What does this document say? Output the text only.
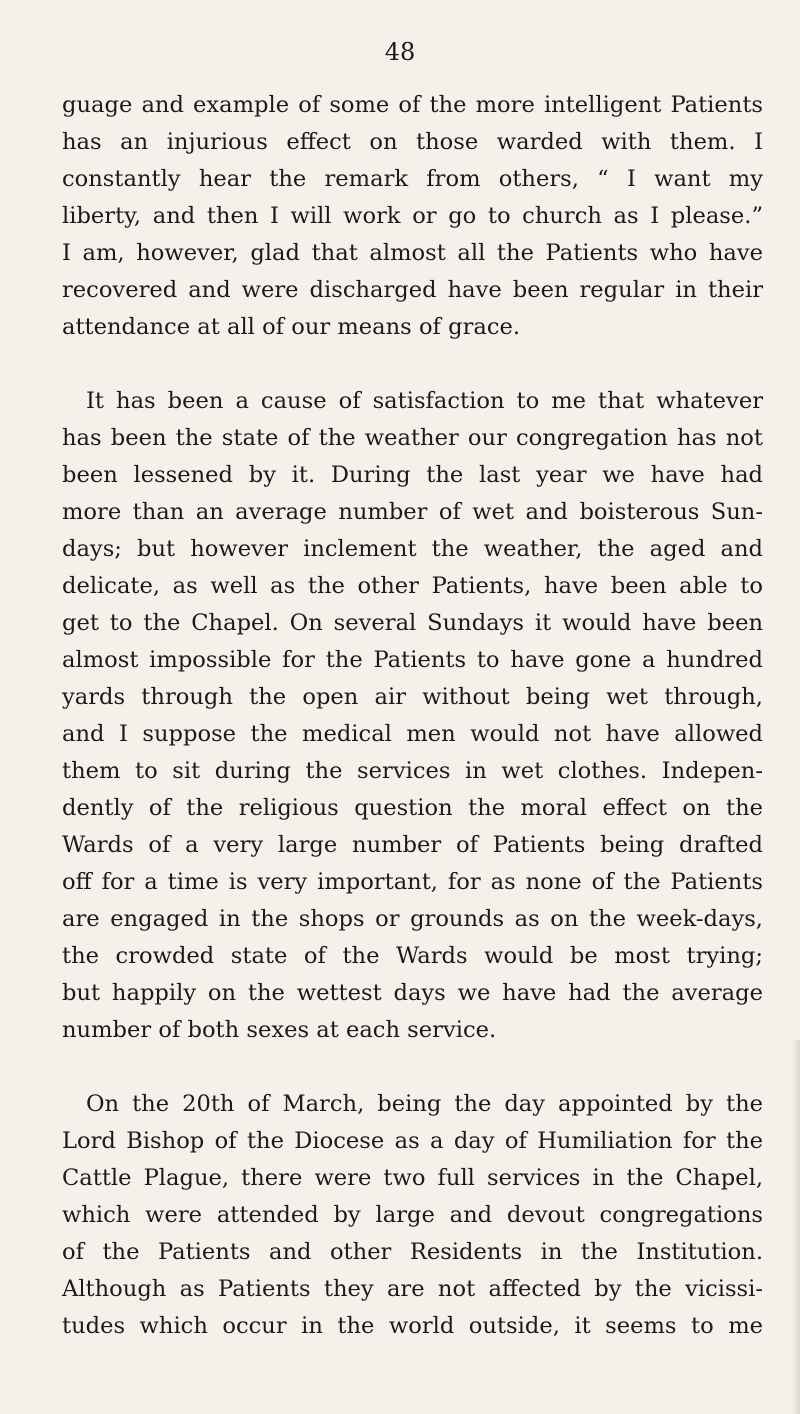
48
guage and example of some of the more intelligent Patients
has an injurious effect on those warded with them. I
constantly hear the remark from others, “ I want my
liberty, and then I will work or go to church as I please.”
I am, however, glad that almost all the Patients who have
recovered and were discharged have been regular in their
attendance at all of our means of grace.
It has been a cause of satisfaction to me that whatever
has been the state of the weather our congregation has not
been lessened by it. During the last year we have had
more than an average number of wet and boisterous Sun-
days; but however inclement the weather, the aged and
delicate, as well as the other Patients, have been able to
get to the Chapel. On several Sundays it would have been
almost impossible for the Patients to have gone a hundred
yards through the open air without being wet through,
and I suppose the medical men would not have allowed
them to sit during the services in wet clothes. Indepen-
dently of the religious question the moral effect on the
Wards of a very large number of Patients being drafted
off for a time is very important, for as none of the Patients
are engaged in the shops or grounds as on the week-days,
the crowded state of the Wards would be most trying;
but happily on the wettest days we have had the average
number of both sexes at each service.
On the 20th of March, being the day appointed by the
Lord Bishop of the Diocese as a day of Humiliation for the
Cattle Plague, there were two full services in the Chapel,
which were attended by large and devout congregations
of the Patients and other Residents in the Institution.
Although as Patients they are not affected by the vicissi-
tudes which occur in the world outside, it seems to me
